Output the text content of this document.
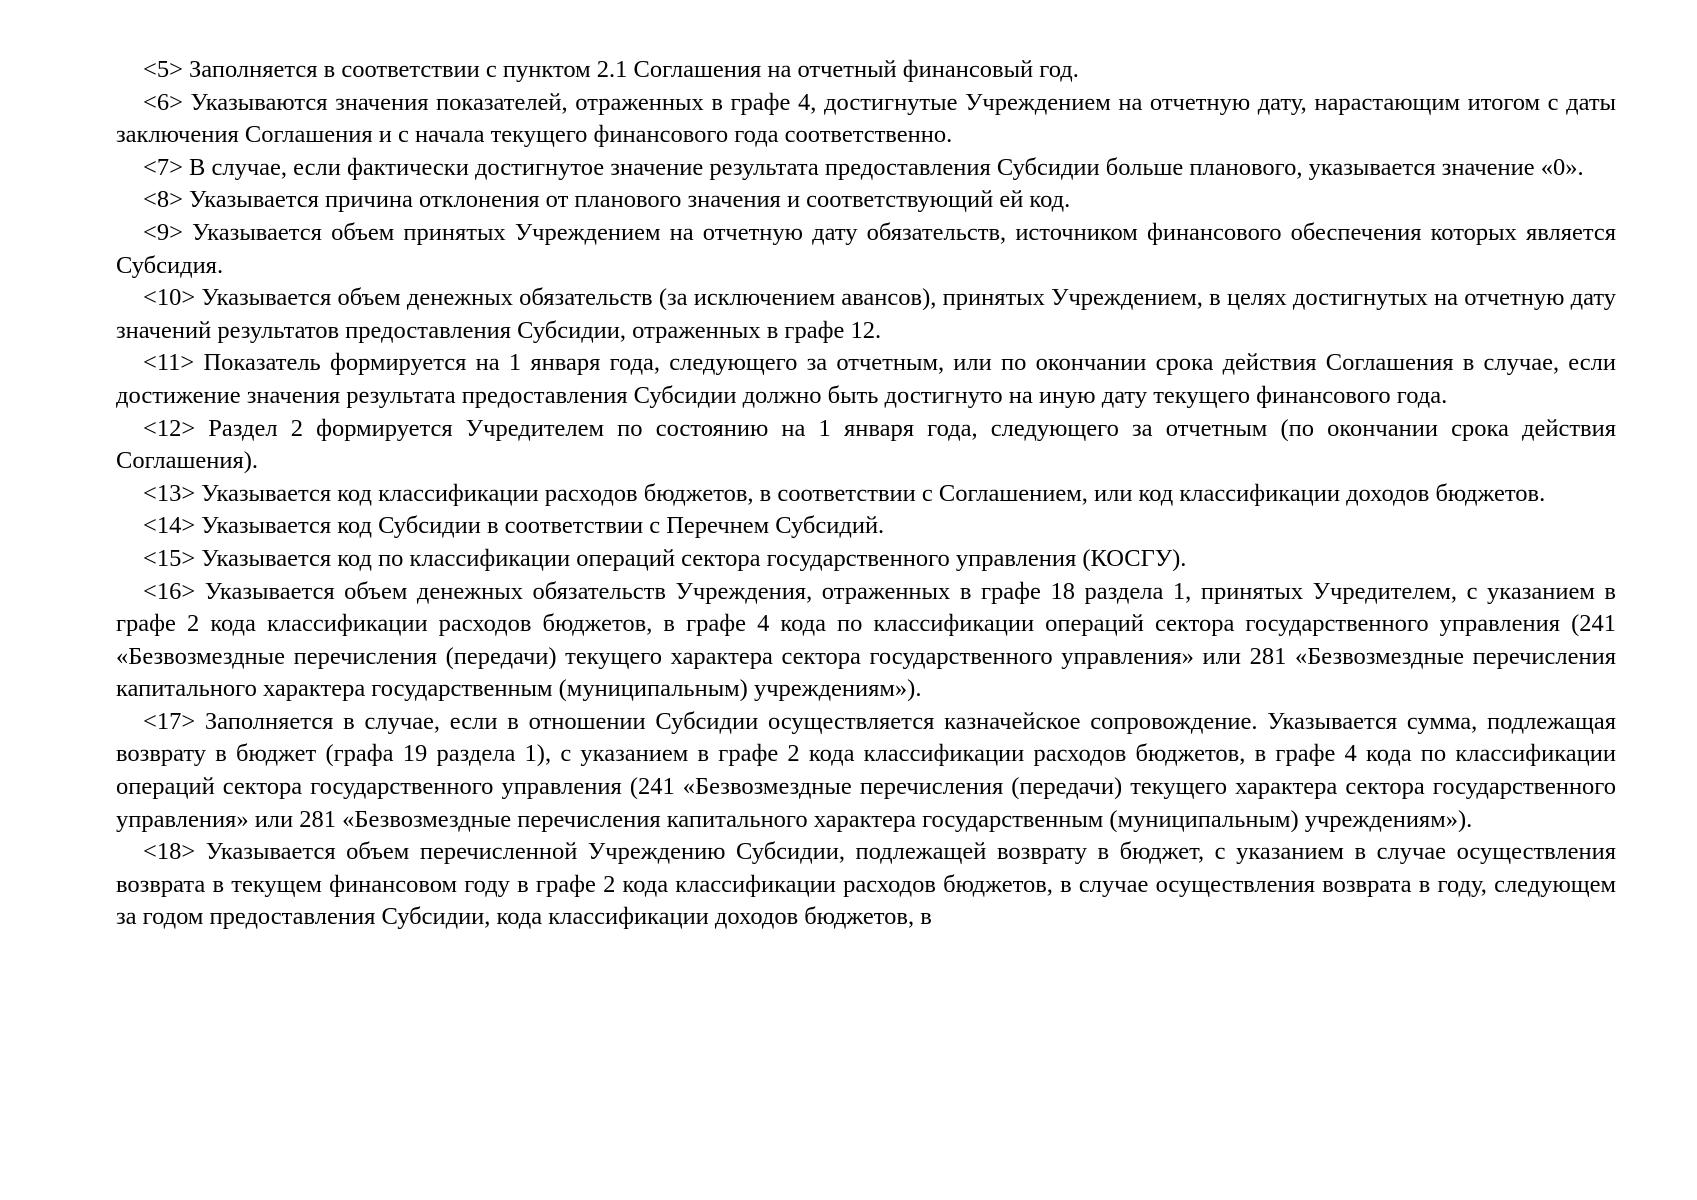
<5> Заполняется в соответствии с пунктом 2.1 Соглашения на отчетный финансовый год.

<6> Указываются значения показателей, отраженных в графе 4, достигнутые Учреждением на отчетную дату, нарастающим итогом с даты заключения Соглашения и с начала текущего финансового года соответственно.

<7> В случае, если фактически достигнутое значение результата предоставления Субсидии больше планового, указывается значение «0».

<8> Указывается причина отклонения от планового значения и соответствующий ей код.

<9> Указывается объем принятых Учреждением на отчетную дату обязательств, источником финансового обеспечения которых является Субсидия.

<10> Указывается объем денежных обязательств (за исключением авансов), принятых Учреждением, в целях достигнутых на отчетную дату значений результатов предоставления Субсидии, отраженных в графе 12.

<11> Показатель формируется на 1 января года, следующего за отчетным, или по окончании срока действия Соглашения в случае, если достижение значения результата предоставления Субсидии должно быть достигнуто на иную дату текущего финансового года.

<12> Раздел 2 формируется Учредителем по состоянию на 1 января года, следующего за отчетным (по окончании срока действия Соглашения).

<13> Указывается код классификации расходов бюджетов, в соответствии с Соглашением, или код классификации доходов бюджетов.

<14> Указывается код Субсидии в соответствии с Перечнем Субсидий.

<15> Указывается код по классификации операций сектора государственного управления (КОСГУ).

<16> Указывается объем денежных обязательств Учреждения, отраженных в графе 18 раздела 1, принятых Учредителем, с указанием в графе 2 кода классификации расходов бюджетов, в графе 4 кода по классификации операций сектора государственного управления (241 «Безвозмездные перечисления (передачи) текущего характера сектора государственного управления» или 281 «Безвозмездные перечисления капитального характера государственным (муниципальным) учреждениям»).

<17> Заполняется в случае, если в отношении Субсидии осуществляется казначейское сопровождение. Указывается сумма, подлежащая возврату в бюджет (графа 19 раздела 1), с указанием в графе 2 кода классификации расходов бюджетов, в графе 4 кода по классификации операций сектора государственного управления (241 «Безвозмездные перечисления (передачи) текущего характера сектора государственного управления» или 281 «Безвозмездные перечисления капитального характера государственным (муниципальным) учреждениям»).

<18> Указывается объем перечисленной Учреждению Субсидии, подлежащей возврату в бюджет, с указанием в случае осуществления возврата в текущем финансовом году в графе 2 кода классификации расходов бюджетов, в случае осуществления возврата в году, следующем за годом предоставления Субсидии, кода классификации доходов бюджетов, в
